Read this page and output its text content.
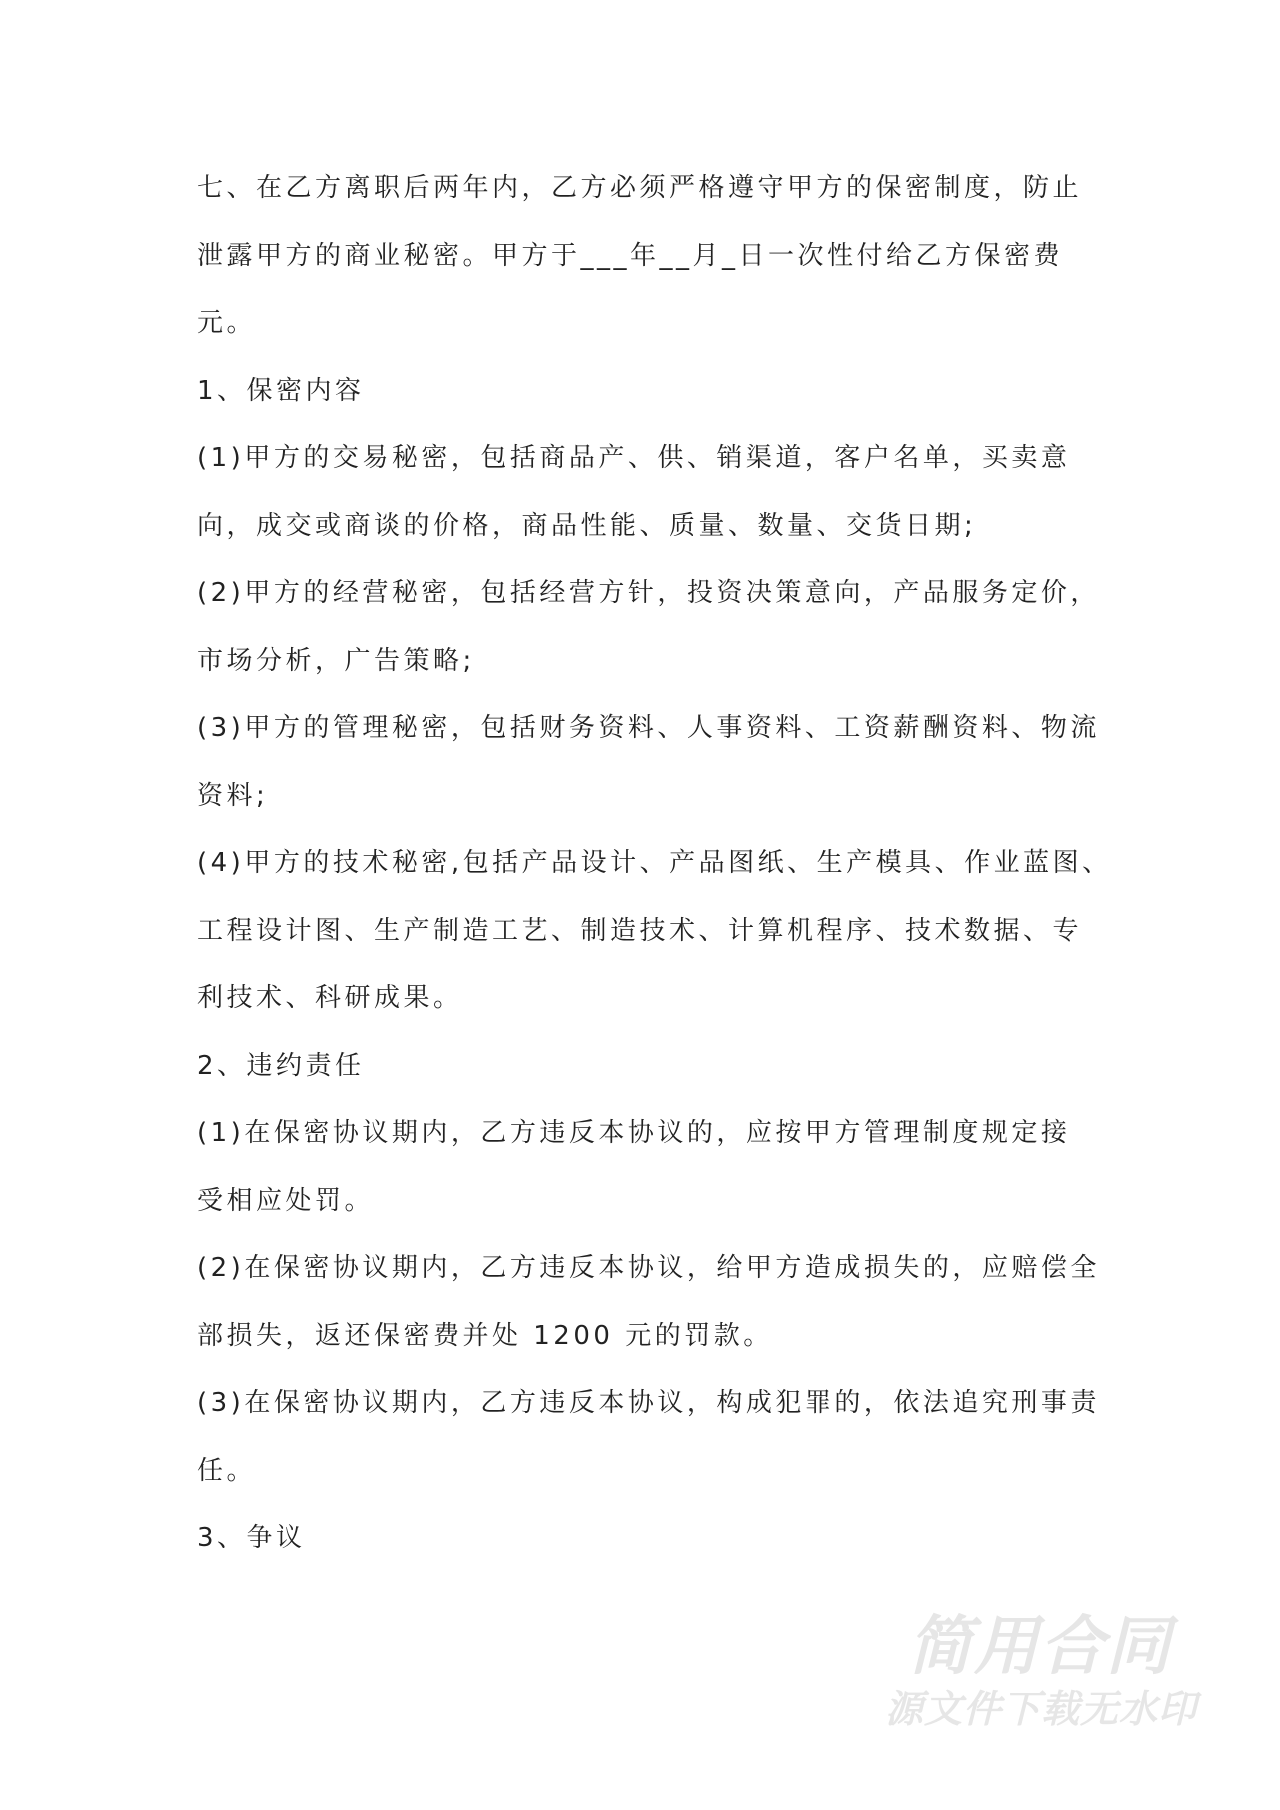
七、在乙方离职后两年内，乙方必须严格遵守甲方的保密制度，防止
泄露甲方的商业秘密。甲方于___年__月_日一次性付给乙方保密费
元。
1、保密内容
(1)甲方的交易秘密，包括商品产、供、销渠道，客户名单，买卖意
向，成交或商谈的价格，商品性能、质量、数量、交货日期;
(2)甲方的经营秘密，包括经营方针，投资决策意向，产品服务定价，
市场分析，广告策略;
(3)甲方的管理秘密，包括财务资料、人事资料、工资薪酬资料、物流
资料;
(4)甲方的技术秘密,包括产品设计、产品图纸、生产模具、作业蓝图、
工程设计图、生产制造工艺、制造技术、计算机程序、技术数据、专
利技术、科研成果。
2、违约责任
(1)在保密协议期内，乙方违反本协议的，应按甲方管理制度规定接
受相应处罚。
(2)在保密协议期内，乙方违反本协议，给甲方造成损失的，应赔偿全
部损失，返还保密费并处 1200 元的罚款。
(3)在保密协议期内，乙方违反本协议，构成犯罪的，依法追究刑事责
任。
3、争议
简用合同
源文件下载无水印
